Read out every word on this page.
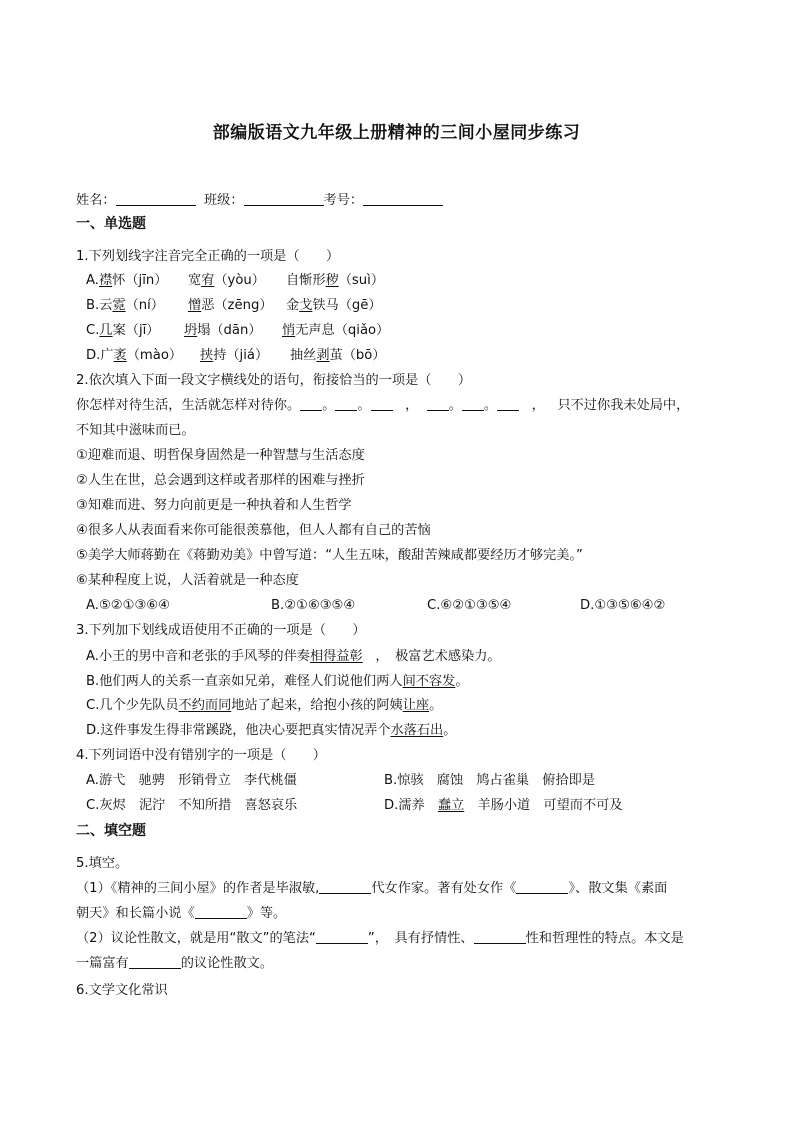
部编版语文九年级上册精神的三间小屋同步练习
姓名：	班级：	考号：
一、单选题
1.下列划线字注音完全正确的一项是（　　）
A.襟怀（jīn） 宽宥（yòu） 自惭形秽（suì）
B.云霓（ní） 憎恶（zēng） 金戈铁马（gē）
C.几案（jī） 坍塌（dān） 悄无声息（qiǎo）
D.广袤（mào） 挟持（jiá） 抽丝剥茧（bō）
2.依次填入下面一段文字横线处的语句，衔接恰当的一项是（　　）
你怎样对待生活，生活就怎样对待你。 。 。	， 。 。	， 只不过你我未处局中，
不知其中滋味而已。
①迎难而退、明哲保身固然是一种智慧与生活态度
②人生在世，总会遇到这样或者那样的困难与挫折
③知难而进、努力向前更是一种执着和人生哲学
④很多人从表面看来你可能很羡慕他，但人人都有自己的苦恼
⑤美学大师蒋勤在《蒋勤劝美》中曾写道：“人生五味，酸甜苦辣咸都要经历才够完美。”
⑥某种程度上说，人活着就是一种态度
A.⑤②①③⑥④	B.②①⑥③⑤④	C.⑥②①③⑤④	D.①③⑤⑥④②
3.下列加下划线成语使用不正确的一项是（　　）
A.小王的男中音和老张的手风琴的伴奏相得益彰 ，　极富艺术感染力。
B.他们两人的关系一直亲如兄弟，难怪人们说他们两人间不容发。
C.几个少先队员不约而同地站了起来，给抱小孩的阿姨让座。
D.这件事发生得非常蹊跷，他决心要把真实情况弄个水落石出。
4.下列词语中没有错别字的一项是（　　）
A.游弋　驰骋　形销骨立　李代桃僵	B.惊骇　腐蚀　鸠占雀巢　俯拾即是
C.灰烬　泥泞　不知所措　喜怒哀乐	D.濡养　蠢立　羊肠小道　可望而不可及
二、填空题
5.填空。
（1）《精神的三间小屋》的作者是毕淑敏,	代女作家。著有处女作《	》、散文集《素面
朝天》和长篇小说《	》等。
（2）议论性散文，就是用“散文”的笔法“	”，　具有抒情性、	性和哲理性的特点。本文是
一篇富有	的议论性散文。
6.文学文化常识
